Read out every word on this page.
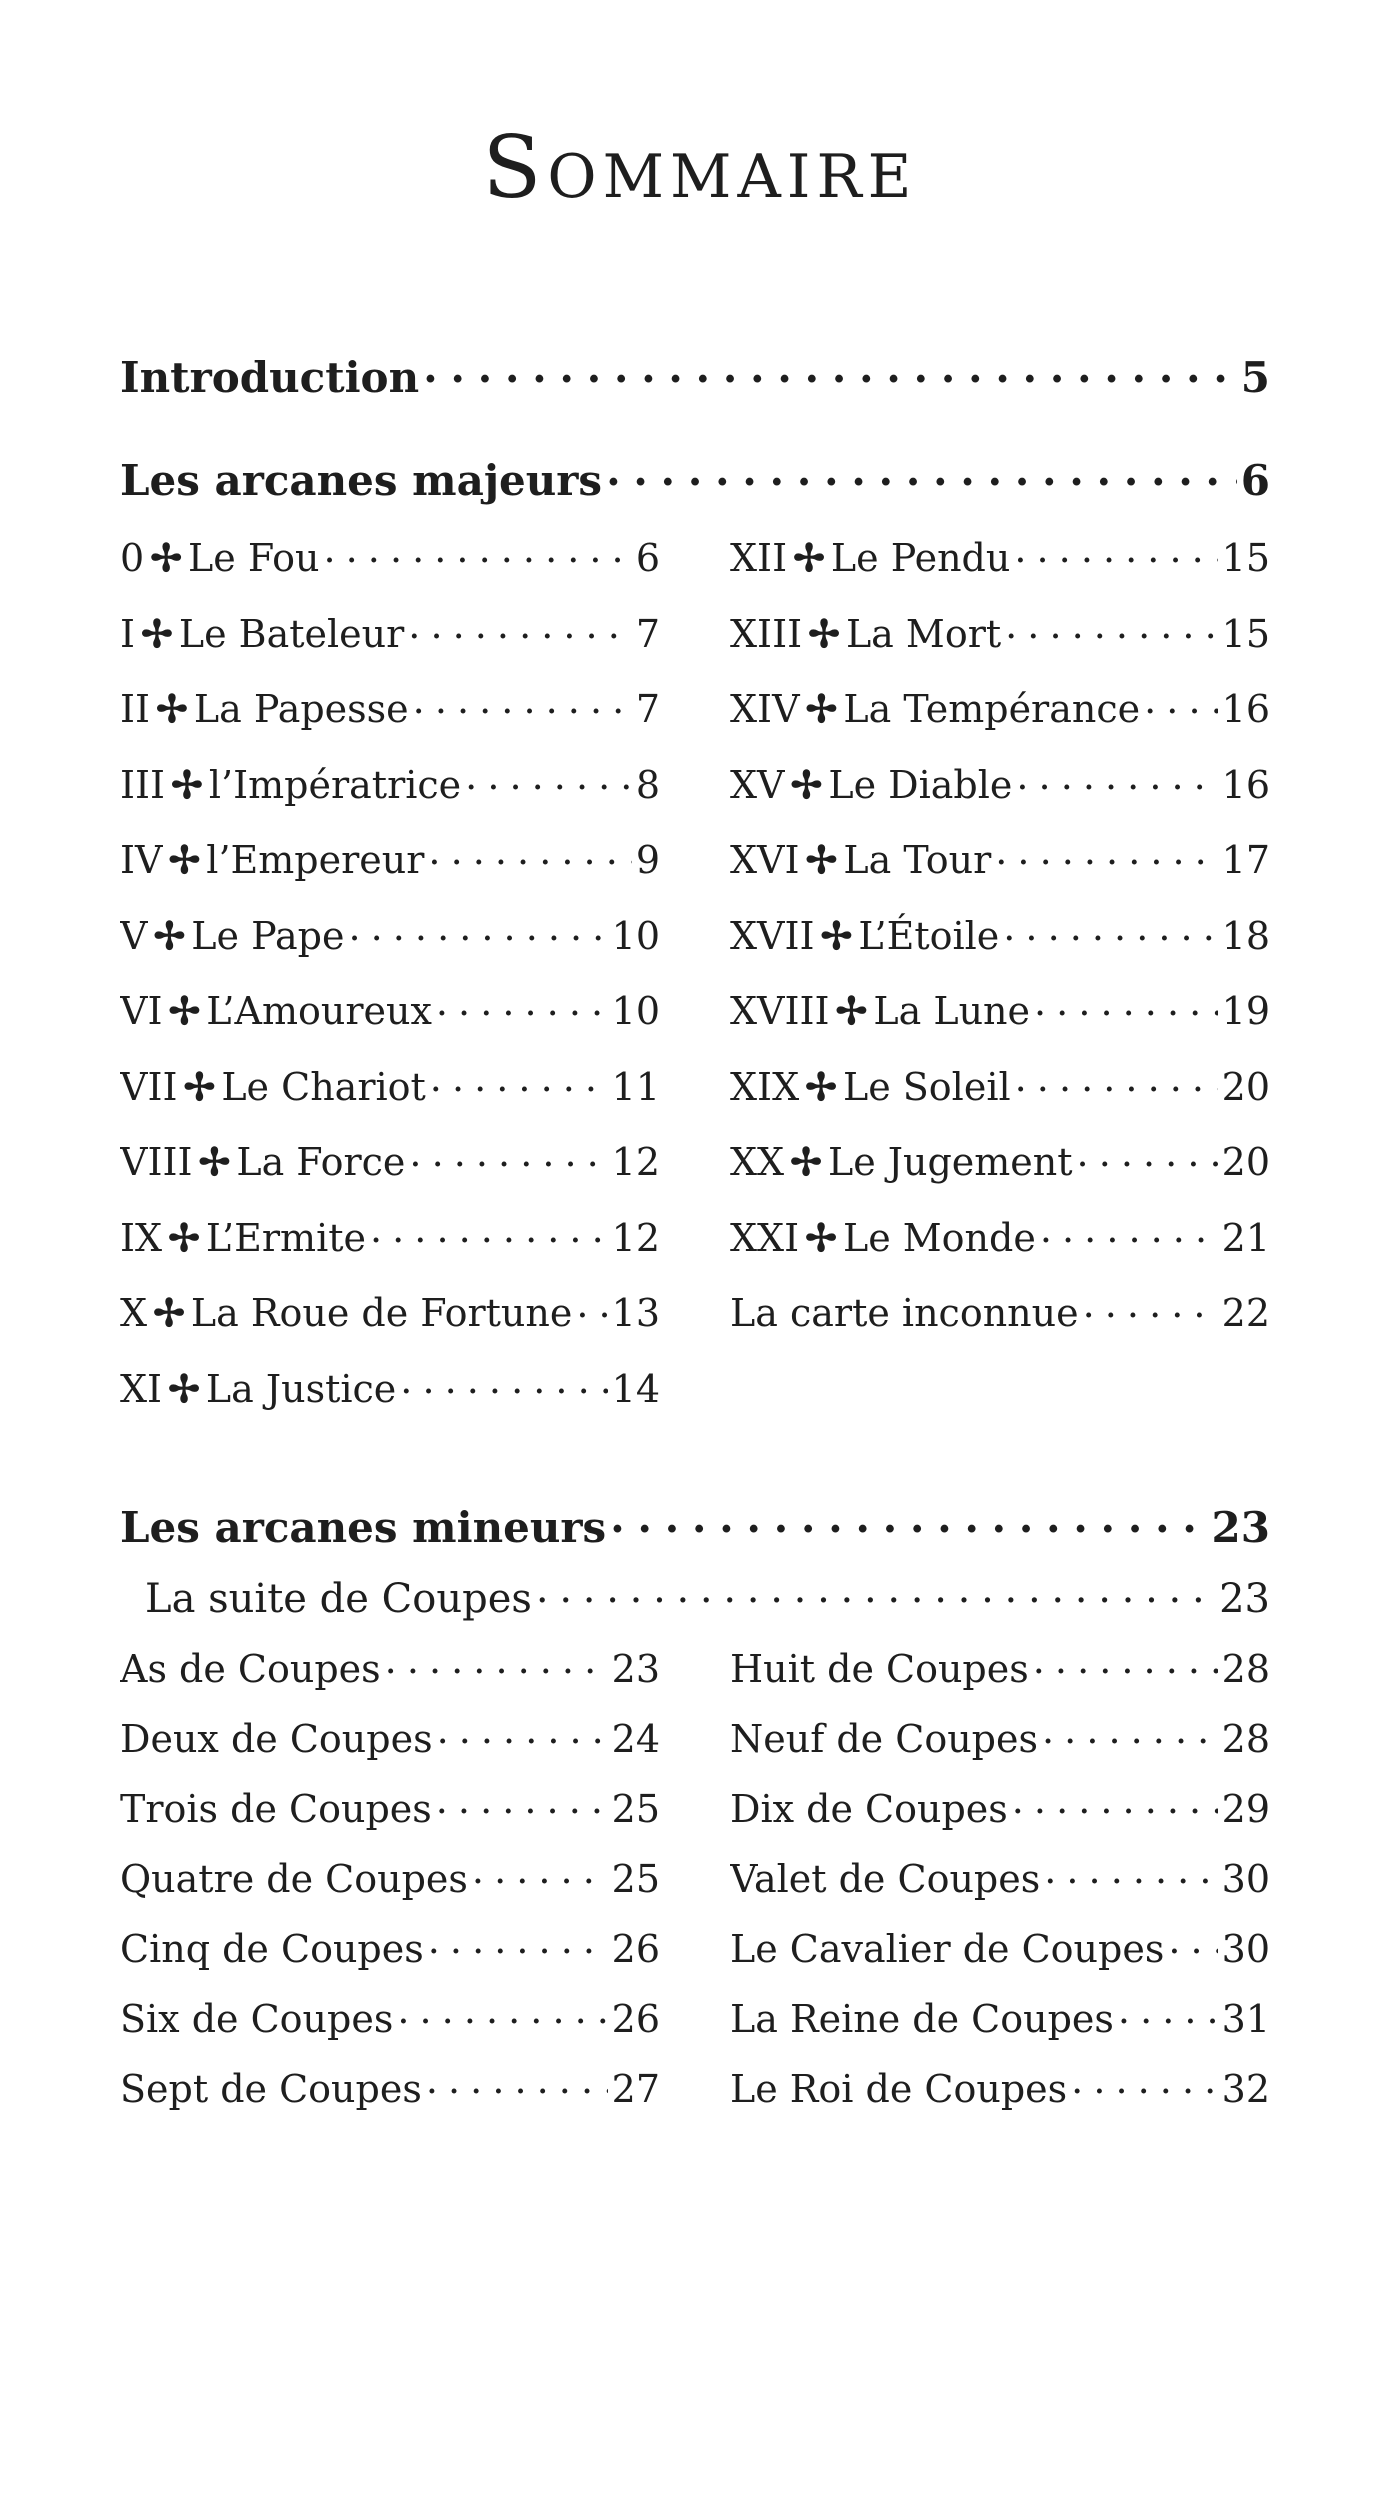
Sommaire
Introduction . . .	5
Les arcanes majeurs . . .	6
0 ✢ Le Fou . . .	6
I ✢ Le Bateleur . . .	7
II ✢ La Papesse . . .	7
III ✢ l’Impératrice . . .	8
IV ✢ l’Empereur . . .	9
V ✢ Le Pape . . .	10
VI ✢ L’Amoureux . . .	10
VII ✢ Le Chariot . . .	11
VIII ✢ La Force . . .	12
IX ✢ L’Ermite . . .	12
X ✢ La Roue de Fortune . . . 13
XI ✢ La Justice . . .	14
XII ✢ Le Pendu . . .	15
XIII ✢ La Mort . . .	15
XIV ✢ La Tempérance . . . 16
XV ✢ Le Diable . . .	16
XVI ✢ La Tour . . .	17
XVII ✢ L’Étoile . . .	18
XVIII ✢ La Lune . . .	19
XIX ✢ Le Soleil . . .	20
XX ✢ Le Jugement . . .	20
XXI ✢ Le Monde . . .	21
La carte inconnue . . .	22
Les arcanes mineurs . . .	23
La suite de Coupes . . .	23
As de Coupes . . .	23
Deux de Coupes . . .	24
Trois de Coupes . . .	25
Quatre de Coupes . . .	25
Cinq de Coupes . . .	26
Six de Coupes . . .	26
Sept de Coupes . . .	27
Huit de Coupes . . .	28
Neuf de Coupes . . .	28
Dix de Coupes . . .	29
Valet de Coupes . . .	30
Le Cavalier de Coupes . . . 30
La Reine de Coupes . . .	31
Le Roi de Coupes . . .	32
